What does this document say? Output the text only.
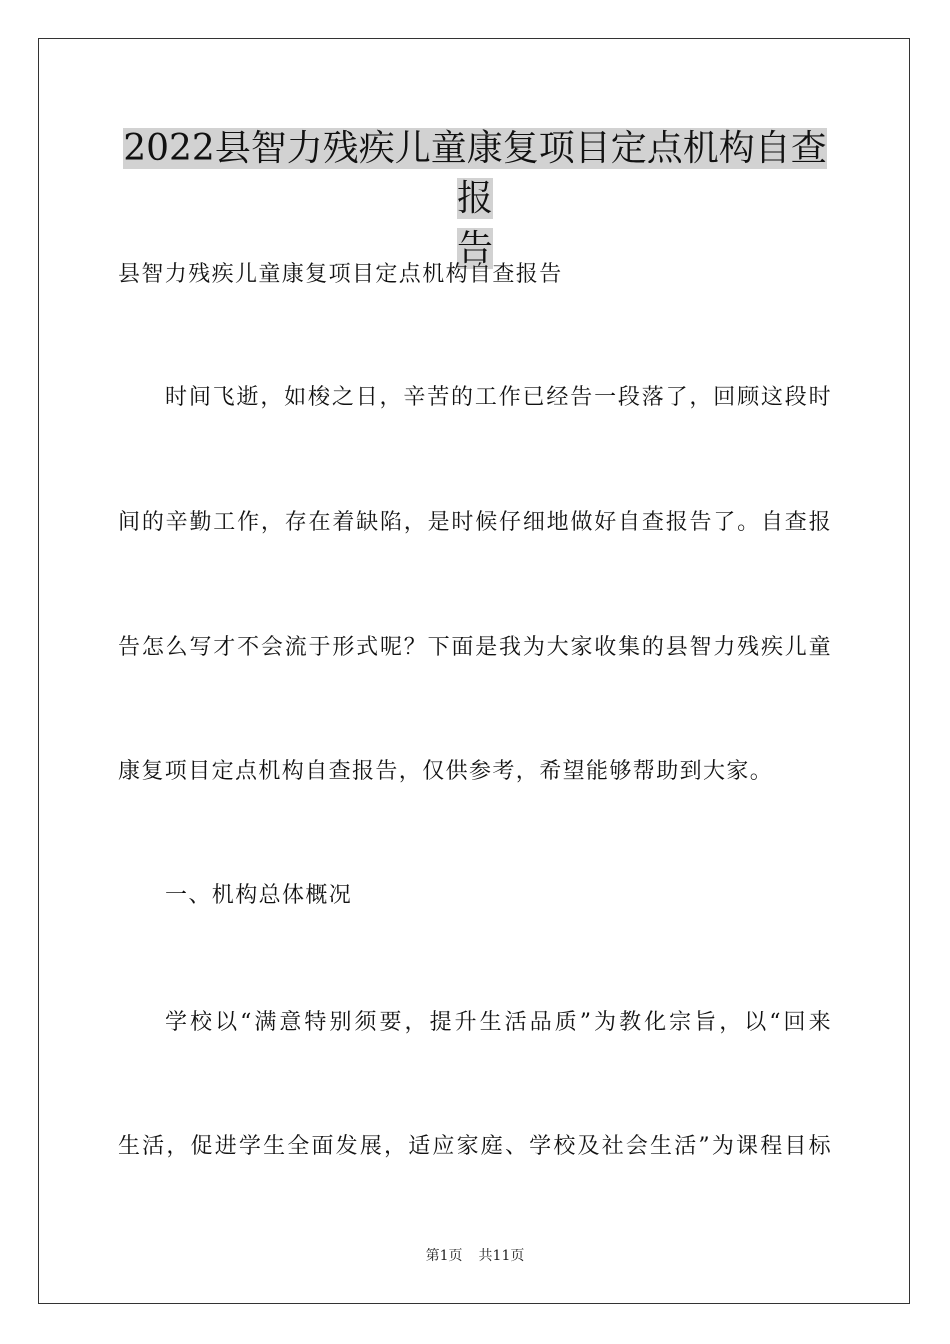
2022县智力残疾儿童康复项目定点机构自查报
告

县智力残疾儿童康复项目定点机构自查报告

时间飞逝，如梭之日，辛苦的工作已经告一段落了，回顾这段时

间的辛勤工作，存在着缺陷，是时候仔细地做好自查报告了。自查报

告怎么写才不会流于形式呢？下面是我为大家收集的县智力残疾儿童

康复项目定点机构自查报告，仅供参考，希望能够帮助到大家。

一、机构总体概况

学校以“满意特别须要，提升生活品质”为教化宗旨，以“回来

生活，促进学生全面发展，适应家庭、学校及社会生活”为课程目标

第1页 共11页
